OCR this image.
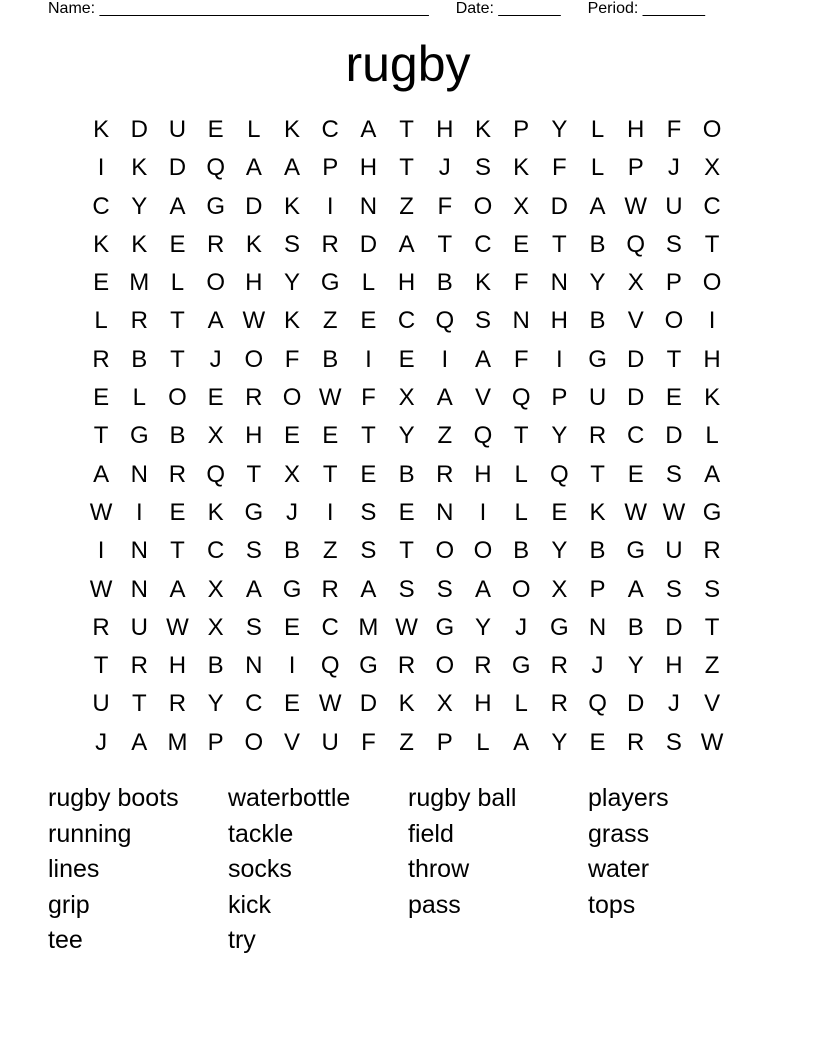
Name: _____________________________________ Date: _______ Period: _______
rugby
K D U E L K C A T H K P Y L H F O
I	K D Q A A P H T	J	S K F	L P	J	X
C Y A G D K	I	N Z F O X D A W U C
K K E R K S R D A T C E T B Q S T
E M L O H Y G L H B K F N Y X P O
L R T A W K Z E C Q S N H B V O	I
R B T	J O F B	I	E	I	A F	I	G D T H
E L O E R O W F X A V Q P U D E K
T G B X H E E T Y Z Q T Y R C D L
A N R Q T X T E B R H L Q T E S A
W I	E K G J	I	S E N	I	L E K W W G
I	N T C S B Z S T O O B Y B G U R
W N A X A G R A S S A O X P A S S
R U W X S E C M W G Y	J G N B D T
T R H B N	I	Q G R O R G R J	Y H Z
U T R Y C E W D K X H L R Q D J	V
J	A M P O V U F Z P L A Y E R S W
rugby boots	waterbottle	rugby ball	players
running	tackle	field	grass
lines	socks	throw	water
grip	kick	pass	tops
tee	try
